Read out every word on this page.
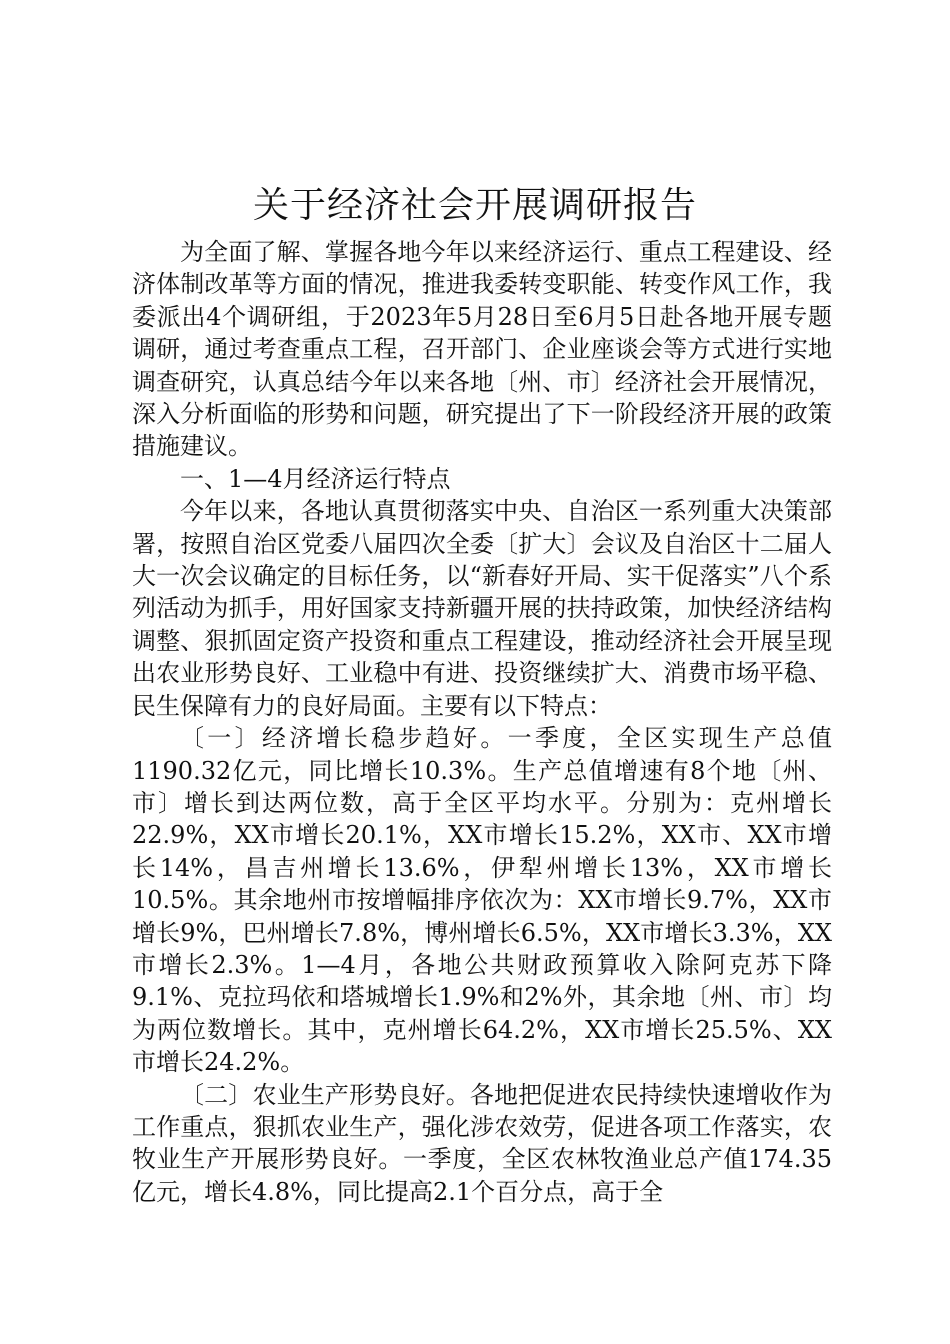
关于经济社会开展调研报告

为全面了解、掌握各地今年以来经济运行、重点工程建设、经济体制改革等方面的情况，推进我委转变职能、转变作风工作，我委派出4个调研组，于2023年5月28日至6月5日赴各地开展专题调研，通过考查重点工程，召开部门、企业座谈会等方式进行实地调查研究，认真总结今年以来各地〔州、市〕经济社会开展情况，深入分析面临的形势和问题，研究提出了下一阶段经济开展的政策措施建议。

一、1—4月经济运行特点

今年以来，各地认真贯彻落实中央、自治区一系列重大决策部署，按照自治区党委八届四次全委〔扩大〕会议及自治区十二届人大一次会议确定的目标任务，以“新春好开局、实干促落实”八个系列活动为抓手，用好国家支持新疆开展的扶持政策，加快经济结构调整、狠抓固定资产投资和重点工程建设，推动经济社会开展呈现出农业形势良好、工业稳中有进、投资继续扩大、消费市场平稳、民生保障有力的良好局面。主要有以下特点：

〔一〕经济增长稳步趋好。一季度，全区实现生产总值1190.32亿元，同比增长10.3%。生产总值增速有8个地〔州、市〕增长到达两位数，高于全区平均水平。分别为：克州增长22.9%，XX市增长20.1%，XX市增长15.2%，XX市、XX市增长14%，昌吉州增长13.6%，伊犁州增长13%，XX市增长10.5%。其余地州市按增幅排序依次为：XX市增长9.7%，XX市增长9%，巴州增长7.8%，博州增长6.5%，XX市增长3.3%，XX市增长2.3%。1—4月，各地公共财政预算收入除阿克苏下降9.1%、克拉玛依和塔城增长1.9%和2%外，其余地〔州、市〕均为两位数增长。其中，克州增长64.2%，XX市增长25.5%、XX市增长24.2%。

〔二〕农业生产形势良好。各地把促进农民持续快速增收作为工作重点，狠抓农业生产，强化涉农效劳，促进各项工作落实，农牧业生产开展形势良好。一季度，全区农林牧渔业总产值174.35亿元，增长4.8%，同比提高2.1个百分点，高于全
